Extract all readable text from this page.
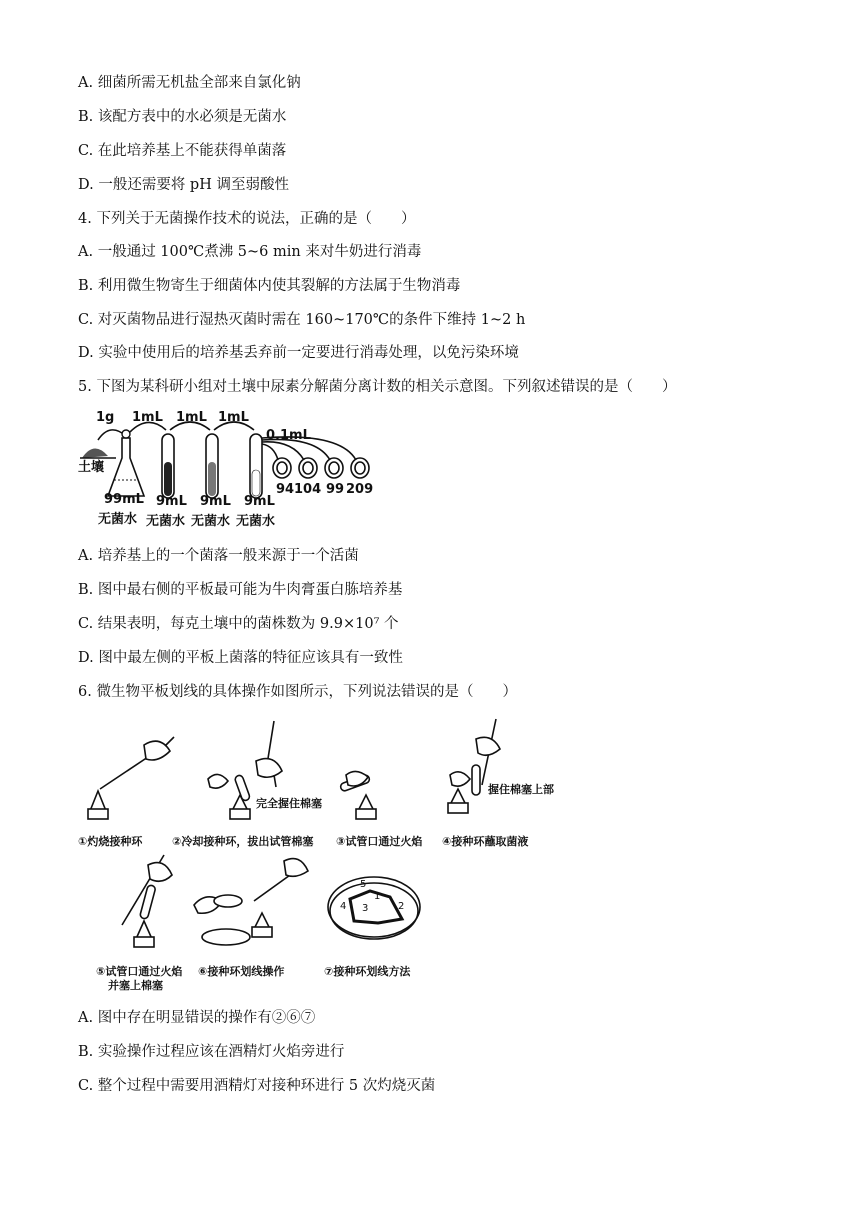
A. 细菌所需无机盐全部来自氯化钠
B. 该配方表中的水必须是无菌水
C. 在此培养基上不能获得单菌落
D. 一般还需要将 pH 调至弱酸性
4. 下列关于无菌操作技术的说法，正确的是（　　）
A. 一般通过 100℃煮沸 5~6 min 来对牛奶进行消毒
B. 利用微生物寄生于细菌体内使其裂解的方法属于生物消毒
C. 对灭菌物品进行湿热灭菌时需在 160~170℃的条件下维持 1~2 h
D. 实验中使用后的培养基丢弃前一定要进行消毒处理，以免污染环境
5. 下图为某科研小组对土壤中尿素分解菌分离计数的相关示意图。下列叙述错误的是（　　）
1g 1mL 1mL 1mL
0.1mL
土壤
99mL 9mL 9mL 9mL
无菌水 无菌水 无菌水 无菌水
94 104 99 209
A. 培养基上的一个菌落一般来源于一个活菌
B. 图中最右侧的平板最可能为牛肉膏蛋白胨培养基
C. 结果表明，每克土壤中的菌株数为 9.9×10⁷ 个
D. 图中最左侧的平板上菌落的特征应该具有一致性
6. 微生物平板划线的具体操作如图所示，下列说法错误的是（　　）
①灼烧接种环	②冷却接种环，拔出试管棉塞 ③试管口通过火焰 ④接种环蘸取菌液
完全握住棉塞
握住棉塞上部
⑤试管口通过火焰
并塞上棉塞
⑥接种环划线操作	⑦接种环划线方法
5
1
4 3	2
A. 图中存在明显错误的操作有②⑥⑦
B. 实验操作过程应该在酒精灯火焰旁进行
C. 整个过程中需要用酒精灯对接种环进行 5 次灼烧灭菌
